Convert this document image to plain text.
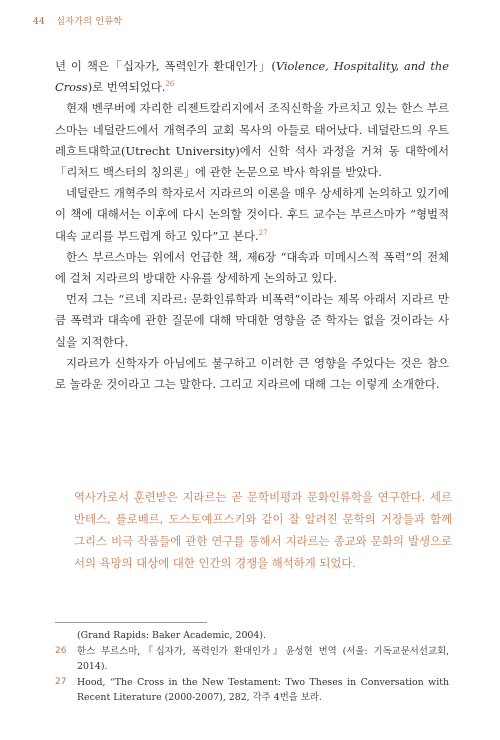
44 십자가의 인류학

년 이 책은「십자가, 폭력인가 환대인가」(Violence, Hospitality, and the Cross)로 번역되었다.$^{26}$

현재 벤쿠버에 자리한 리젠트칼리지에서 조직신학을 가르치고 있는 한스 부르스마는 네덜란드에서 개혁주의 교회 목사의 아들로 태어났다. 네덜란드의 우트레흐트대학교(Utrecht University)에서 신학 석사 과정을 거쳐 동 대학에서「리처드 백스터의 칭의론」에 관한 논문으로 박사 학위를 받았다.

네덜란드 개혁주의 학자로서 지라르의 이론을 매우 상세하게 논의하고 있기에 이 책에 대해서는 이후에 다시 논의할 것이다. 후드 교수는 부르스마가 “형벌적 대속 교리를 부드럽게 하고 있다”고 본다.$^{27}$

한스 부르스마는 위에서 언급한 책, 제6장 “대속과 미메시스적 폭력”의 전체에 걸쳐 지라르의 방대한 사유를 상세하게 논의하고 있다.

먼저 그는 “르네 지라르: 문화인류학과 비폭력”이라는 제목 아래서 지라르 만큼 폭력과 대속에 관한 질문에 대해 막대한 영향을 준 학자는 없을 것이라는 사실을 지적한다.

지라르가 신학자가 아님에도 불구하고 이러한 큰 영향을 주었다는 것은 참으로 놀라운 것이라고 그는 말한다. 그리고 지라르에 대해 그는 이렇게 소개한다.

역사가로서 훈련받은 지라르는 곧 문학비평과 문화인류학을 연구한다. 세르반테스, 플로베르, 도스토예프스키와 같이 잘 알려진 문학의 거장들과 함께 그리스 비극 작품들에 관한 연구를 통해서 지라르는 종교와 문화의 발생으로서의 욕망의 대상에 대한 인간의 경쟁을 해석하게 되었다.

(Grand Rapids: Baker Academic, 2004).
26	한스 부르스마,『십자가, 폭력인가 환대인가』윤성현 번역 (서울: 기독교문서선교회, 2014).
27	Hood, “The Cross in the New Testament: Two Theses in Conversation with Recent Literature (2000-2007), 282, 각주 4번을 보라.
